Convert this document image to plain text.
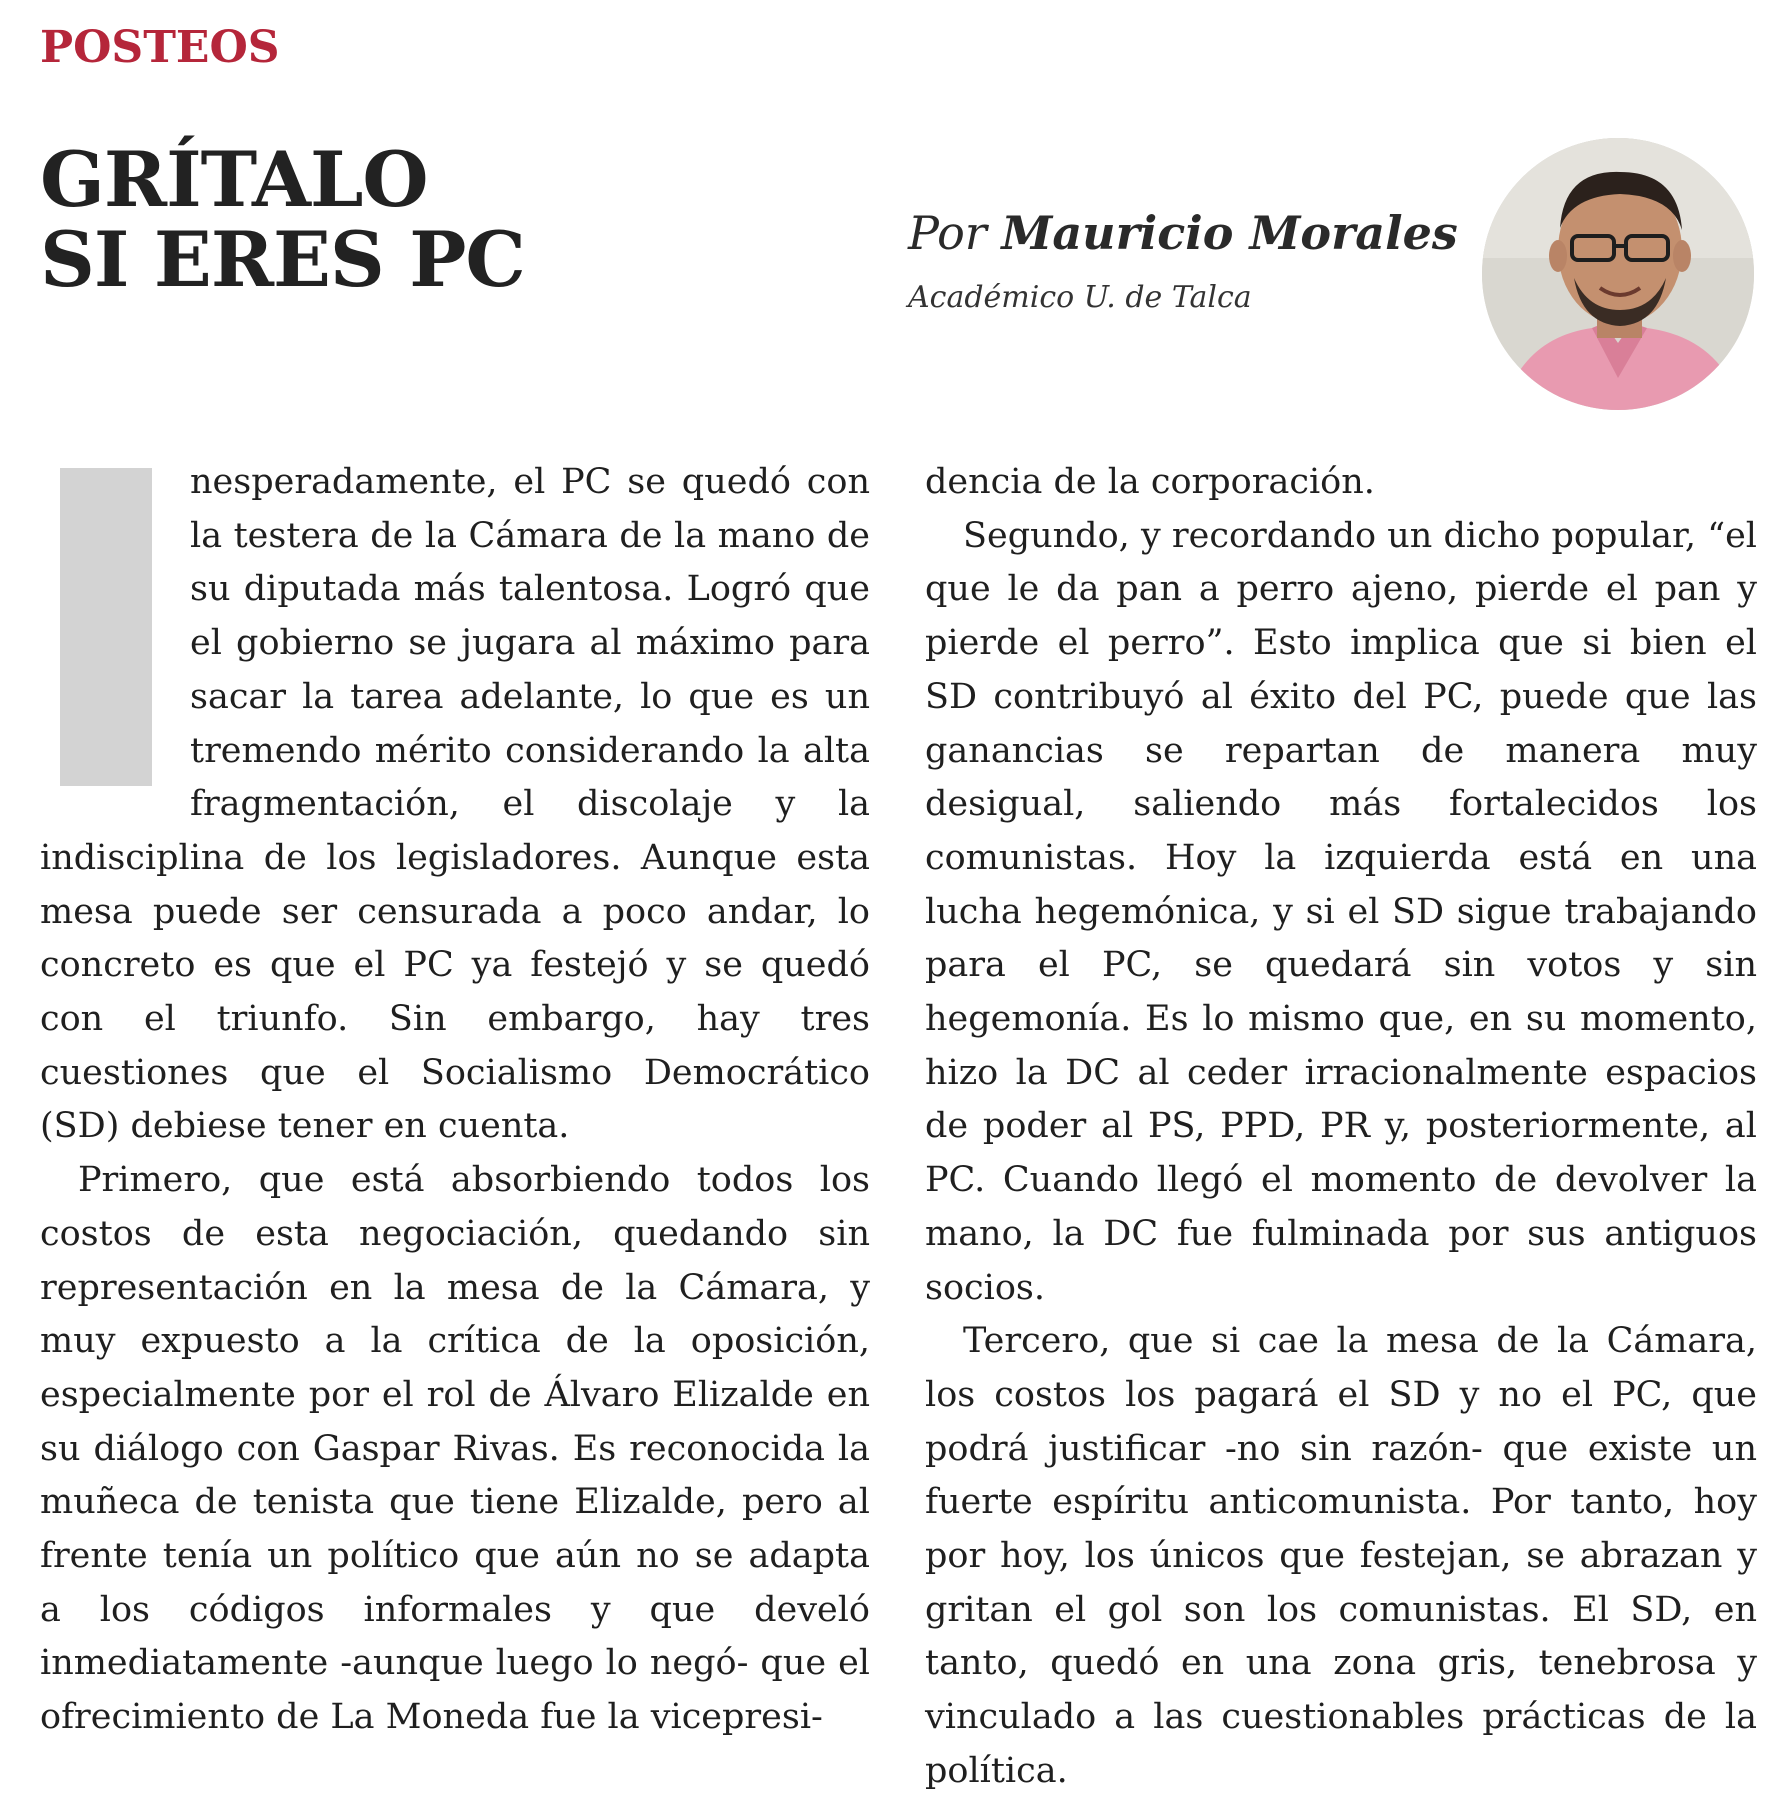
POSTEOS
GRÍTALO
SI ERES PC	Por Mauricio Morales

Académico U. de Talca

nesperadamente, el PC se quedó con la testera de la Cámara de la mano de su diputada más talentosa. Logró que el gobierno se jugara al máximo para sacar la tarea adelante, lo que es un tremendo mérito considerando la alta fragmentación, el discolaje y la indisciplina de los legisladores. Aunque esta mesa puede ser censurada a poco andar, lo concreto es que el PC ya festejó y se quedó con el triunfo. Sin embargo, hay tres cuestiones que el Socialismo Democrático (SD) debiese tener en cuenta.

Primero, que está absorbiendo todos los costos de esta negociación, quedando sin representación en la mesa de la Cámara, y muy expuesto a la crítica de la oposición, especialmente por el rol de Álvaro Elizalde en su diálogo con Gaspar Rivas. Es reconocida la muñeca de tenista que tiene Elizalde, pero al frente tenía un político que aún no se adapta a los códigos informales y que develó inmediatamente -aunque luego lo negó- que el ofrecimiento de La Moneda fue la vicepresi-

dencia de la corporación.

Segundo, y recordando un dicho popular, “el que le da pan a perro ajeno, pierde el pan y pierde el perro”. Esto implica que si bien el SD contribuyó al éxito del PC, puede que las ganancias se repartan de manera muy desigual, saliendo más fortalecidos los comunistas. Hoy la izquierda está en una lucha hegemónica, y si el SD sigue trabajando para el PC, se quedará sin votos y sin hegemonía. Es lo mismo que, en su momento, hizo la DC al ceder irracionalmente espacios de poder al PS, PPD, PR y, posteriormente, al PC. Cuando llegó el momento de devolver la mano, la DC fue fulminada por sus antiguos socios.

Tercero, que si cae la mesa de la Cámara, los costos los pagará el SD y no el PC, que podrá justificar -no sin razón- que existe un fuerte espíritu anticomunista. Por tanto, hoy por hoy, los únicos que festejan, se abrazan y gritan el gol son los comunistas. El SD, en tanto, quedó en una zona gris, tenebrosa y vinculado a las cuestionables prácticas de la política.
